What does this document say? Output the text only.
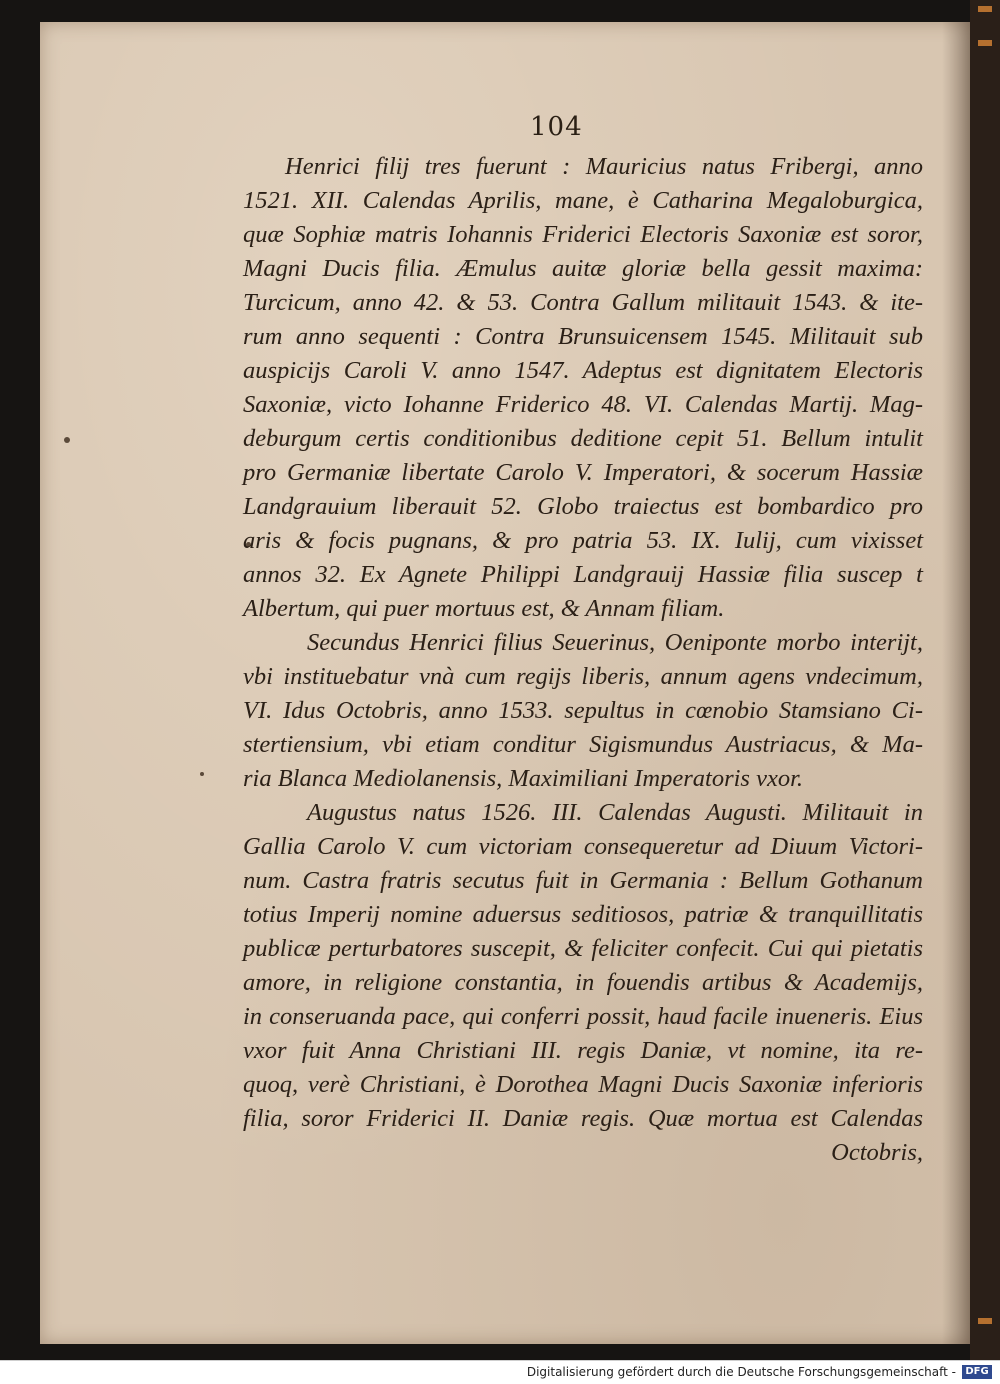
104
Henrici filij tres fuerunt : Mauricius natus Fribergi, anno
1521. XII. Calendas Aprilis, mane, è Catharina Megaloburgica,
quæ Sophiæ matris Iohannis Friderici Electoris Saxoniæ est soror,
Magni Ducis filia. Æmulus auitæ gloriæ bella gessit maxima:
Turcicum, anno 42. & 53. Contra Gallum militauit 1543. & ite-
rum anno sequenti : Contra Brunsuicensem 1545. Militauit sub
auspicijs Caroli V. anno 1547. Adeptus est dignitatem Electoris
Saxoniæ, victo Iohanne Friderico 48. VI. Calendas Martij. Mag-
deburgum certis conditionibus deditione cepit 51. Bellum intulit
pro Germaniæ libertate Carolo V. Imperatori, & socerum Hassiæ
Landgrauium liberauit 52. Globo traiectus est bombardico pro
aris & focis pugnans, & pro patria 53. IX. Iulij, cum vixisset
annos 32. Ex Agnete Philippi Landgrauij Hassiæ filia suscep t
Albertum, qui puer mortuus est, & Annam filiam.
Secundus Henrici filius Seuerinus, Oeniponte morbo interijt,
vbi instituebatur vnà cum regijs liberis, annum agens vndecimum,
VI. Idus Octobris, anno 1533. sepultus in cœnobio Stamsiano Ci-
stertiensium, vbi etiam conditur Sigismundus Austriacus, & Ma-
ria Blanca Mediolanensis, Maximiliani Imperatoris vxor.
Augustus natus 1526. III. Calendas Augusti. Militauit in
Gallia Carolo V. cum victoriam consequeretur ad Diuum Victori-
num. Castra fratris secutus fuit in Germania : Bellum Gothanum
totius Imperij nomine aduersus seditiosos, patriæ & tranquillitatis
publicæ perturbatores suscepit, & feliciter confecit. Cui qui pietatis
amore, in religione constantia, in fouendis artibus & Academijs,
in conseruanda pace, qui conferri possit, haud facile inueneris. Eius
vxor fuit Anna Christiani III. regis Daniæ, vt nomine, ita re-
quoq, verè Christiani, è Dorothea Magni Ducis Saxoniæ inferioris
filia, soror Friderici II. Daniæ regis. Quæ mortua est Calendas
Octobris,
Digitalisierung gefördert durch die Deutsche Forschungsgemeinschaft - DFG
